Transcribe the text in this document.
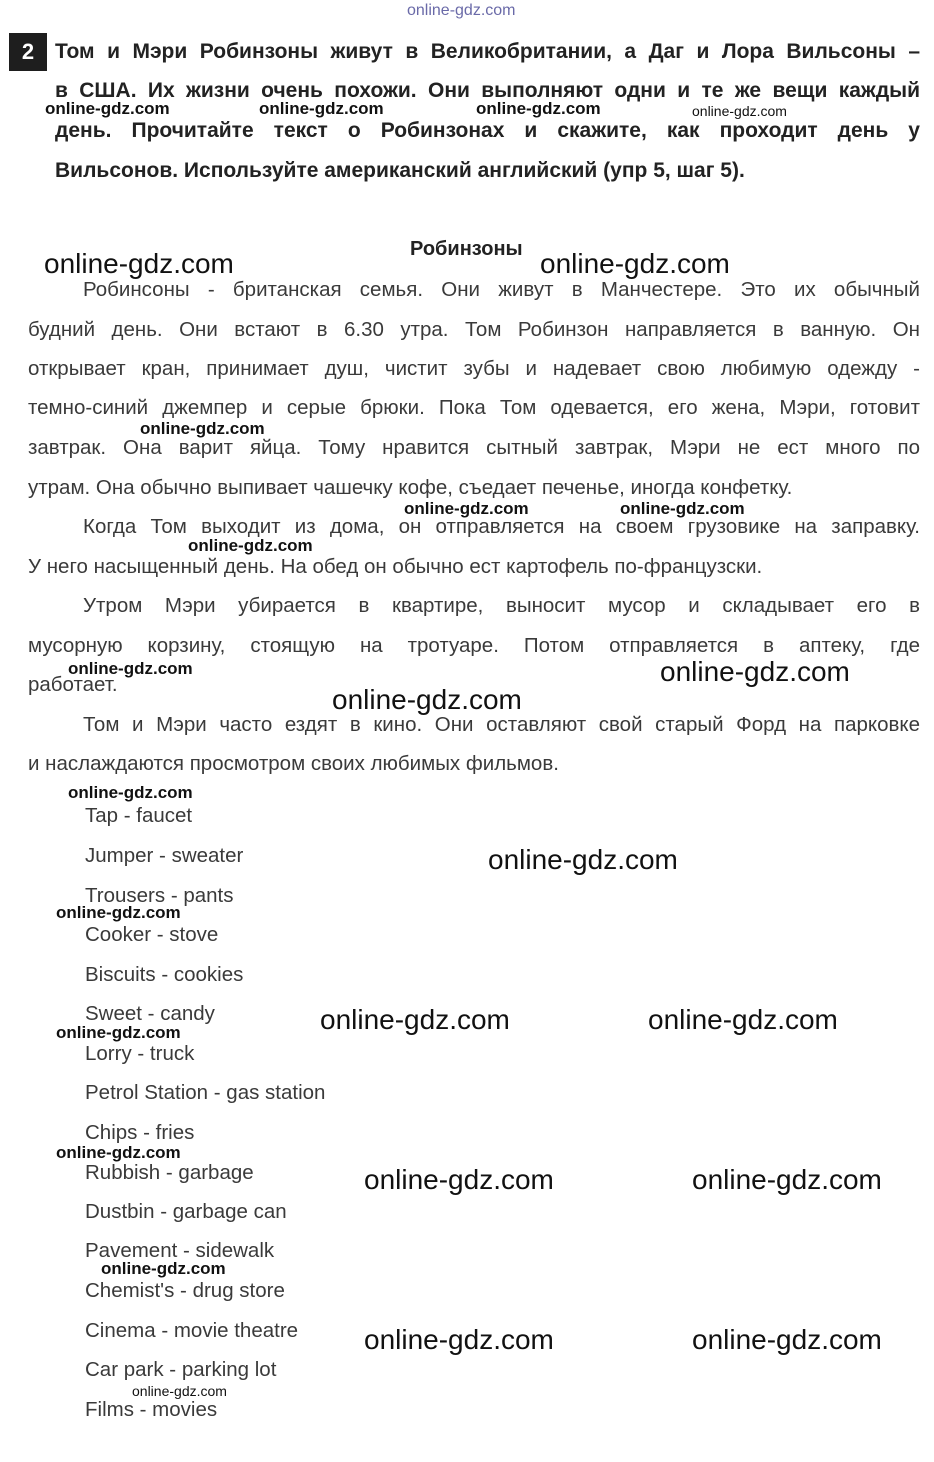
online-gdz.com
2 Том и Мэри Робинзоны живут в Великобритании, а Даг и Лора Вильсоны –
в США. Их жизни очень похожи. Они выполняют одни и те же вещи каждый
день. Прочитайте текст о Робинзонах и скажите, как проходит день у
Вильсонов. Используйте американский английский (упр 5, шаг 5).
Робинзоны
Робинсоны - британская семья. Они живут в Манчестере. Это их обычный
будний день. Они встают в 6.30 утра. Том Робинзон направляется в ванную. Он
открывает кран, принимает душ, чистит зубы и надевает свою любимую одежду -
темно-синий джемпер и серые брюки. Пока Том одевается, его жена, Мэри, готовит
завтрак. Она варит яйца. Тому нравится сытный завтрак, Мэри не ест много по
утрам. Она обычно выпивает чашечку кофе, съедает печенье, иногда конфетку.
Когда Том выходит из дома, он отправляется на своем грузовике на заправку.
У него насыщенный день. На обед он обычно ест картофель по-французски.
Утром Мэри убирается в квартире, выносит мусор и складывает его в
мусорную корзину, стоящую на тротуаре. Потом отправляется в аптеку, где
работает.
Том и Мэри часто ездят в кино. Они оставляют свой старый Форд на парковке
и наслаждаются просмотром своих любимых фильмов.
Tap - faucet
Jumper - sweater
Trousers - pants
Cooker - stove
Biscuits - cookies
Sweet - candy
Lorry - truck
Petrol Station - gas station
Chips - fries
Rubbish - garbage
Dustbin - garbage can
Pavement - sidewalk
Chemist's - drug store
Cinema - movie theatre
Car park - parking lot
Films - movies
online-gdz.com	online-gdz.com	online-gdz.com	online-gdz.com
online-gdz.com
online-gdz.com	online-gdz.com
online-gdz.com
online-gdz.com
online-gdz.com
online-gdz.com
online-gdz.com
online-gdz.com
online-gdz.com
online-gdz.com
online-gdz.com	online-gdz.com
online-gdz.com
online-gdz.com
online-gdz.com
online-gdz.com	online-gdz.com
online-gdz.com	online-gdz.com
online-gdz.com	online-gdz.com
